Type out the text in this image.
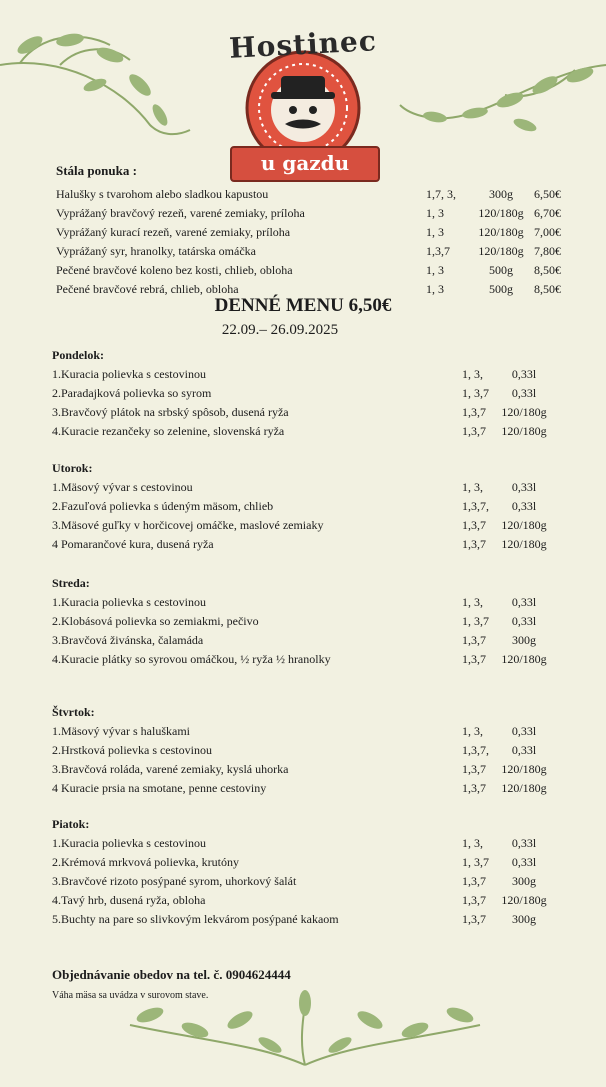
Hostinec
u gazdu
Stála ponuka :
Halušky s tvarohom alebo sladkou kapustou	1,7, 3,	300g	6,50€
Vyprážaný bravčový rezeň, varené zemiaky, príloha	1, 3	120/180g 6,70€
Vyprážaný kurací rezeň, varené zemiaky, príloha	1, 3	120/180g 7,00€
Vyprážaný syr, hranolky, tatárska omáčka	1,3,7	120/180g 7,80€
Pečené bravčové koleno bez kosti, chlieb, obloha	1, 3	500g	8,50€
Pečené bravčové rebrá, chlieb, obloha	1, 3	500g	8,50€
DENNÉ MENU 6,50€
22.09.– 26.09.2025
Pondelok:
1.Kuracia polievka s cestovinou	1, 3,	0,33l
2.Paradajková polievka so syrom	1, 3,7	0,33l
3.Bravčový plátok na srbský spôsob, dusená ryža	1,3,7 120/180g
4.Kuracie rezančeky so zelenine, slovenská ryža	1,3,7 120/180g
Utorok:
1.Mäsový vývar s cestovinou	1, 3,	0,33l
2.Fazuľová polievka s údeným mäsom, chlieb	1,3,7,	0,33l
3.Mäsové guľky v horčicovej omáčke, maslové zemiaky	1,3,7 120/180g
4 Pomarančové kura, dusená ryža	1,3,7 120/180g
Streda:
1.Kuracia polievka s cestovinou	1, 3,	0,33l
2.Klobásová polievka so zemiakmi, pečivo	1, 3,7	0,33l
3.Bravčová živánska, čalamáda	1,3,7	300g
4.Kuracie plátky so syrovou omáčkou, ½ ryža ½ hranolky	1,3,7 120/180g
Štvrtok:
1.Mäsový vývar s haluškami	1, 3,	0,33l
2.Hrstková polievka s cestovinou	1,3,7,	0,33l
3.Bravčová roláda, varené zemiaky, kyslá uhorka	1,3,7 120/180g
4 Kuracie prsia na smotane, penne cestoviny	1,3,7 120/180g
Piatok:
1.Kuracia polievka s cestovinou	1, 3,	0,33l
2.Krémová mrkvová polievka, krutóny	1, 3,7	0,33l
3.Bravčové rizoto posýpané syrom, uhorkový šalát	1,3,7	300g
4.Tavý hrb, dusená ryža, obloha	1,3,7 120/180g
5.Buchty na pare so slivkovým lekvárom posýpané kakaom	1,3,7	300g
Objednávanie obedov na tel. č. 0904624444
Váha mäsa sa uvádza v surovom stave.
